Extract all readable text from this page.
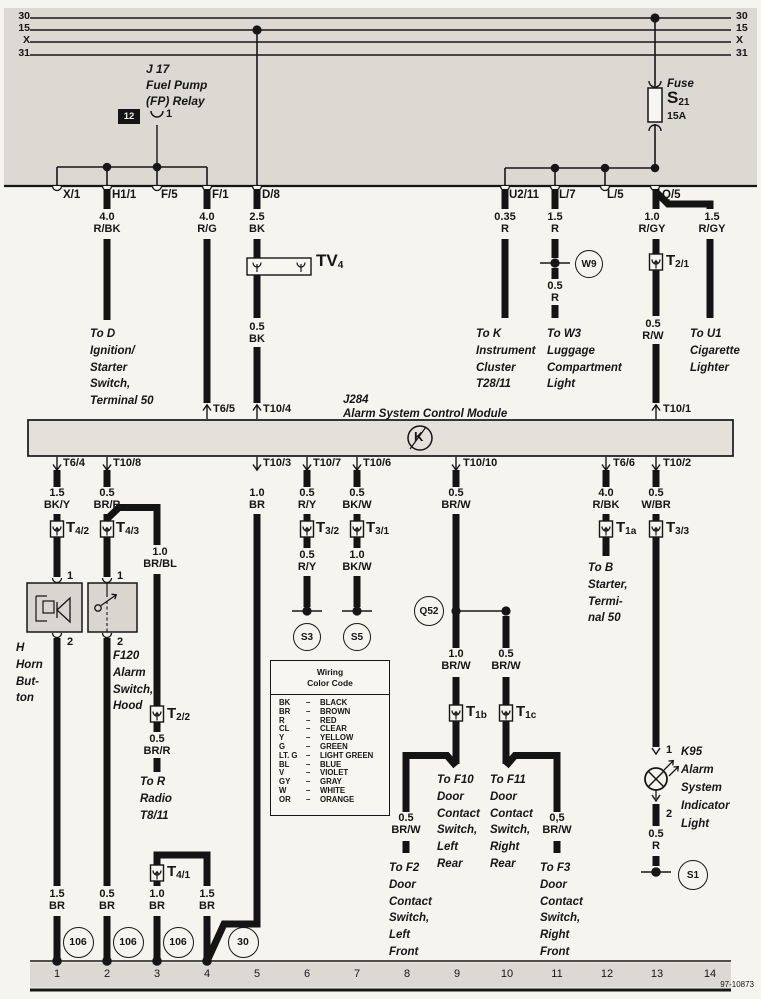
30
15
X
31
30
15
X
31
J 17
Fuel Pump
(FP) Relay
12	1
Fuse
S21
15A
X/1	H1/1 F/5	F/1	D/8	U2/11 L/7	L/5	Q/5
4.0
R/BK
4.0
R/G
2.5
BK
0.5
BK
0.35
R
1.5
R
0.5
R
1.0
R/GY
1.5
R/GY
0.5
R/W
TV4	T2/1
W9
To D
Ignition/
Starter
Switch,
Terminal 50
To K
Instrument
Cluster
T28/11
To W3
Luggage
Compartment
Light
To U1
Cigarette
Lighter
J284
Alarm System Control Module
K
T6/5	T10/4	T10/1
T6/4	T10/8	T10/3 T10/7 T10/6	T10/10	T6/6	T10/2
1.5
BK/Y
0.5
BR/R
1.0
BR
0.5
R/Y
0.5
BK/W
0.5
BR/W
4.0
R/BK
0.5
W/BR
T4/2 T4/3	T3/2 T3/1	T1a T3/3
1.0
BR/BL
0.5
R/Y
1.0
BK/W
S3	S5
Q52
1.0
BR/W
0.5
BR/W
T1b T1c
1
2
1
2
H
Horn
But-
ton
F120
Alarm
Switch,
Hood	T2/2
0.5
BR/R
To R
Radio
T8/11
T4/1
To F10
Door
Contact
Switch,
Left
Rear
To F11
Door
Contact
Switch,
Right
Rear
0.5
BR/W
0,5
BR/W
To F2
Door
Contact
Switch,
Left
Front
To F3
Door
Contact
Switch,
Right
Front
To B
Starter,
Termi-
nal 50
1
2
K95
Alarm
System
Indicator
Light
0.5
R
S1
1.5
BR
0.5
BR
1.0
BR
1.5
BR
106	106	106	30
Wiring
Color Code
BK	–	BLACK
BR	–	BROWN
R	–	RED
CL	–	CLEAR
Y	–	YELLOW
G	–	GREEN
LT. G	–	LIGHT GREEN
BL	–	BLUE
V	–	VIOLET
GY	–	GRAY
W	–	WHITE
OR	–	ORANGE
1	2	3	4	5	6	7	8	9	10	11	12	13	14
97-10873
